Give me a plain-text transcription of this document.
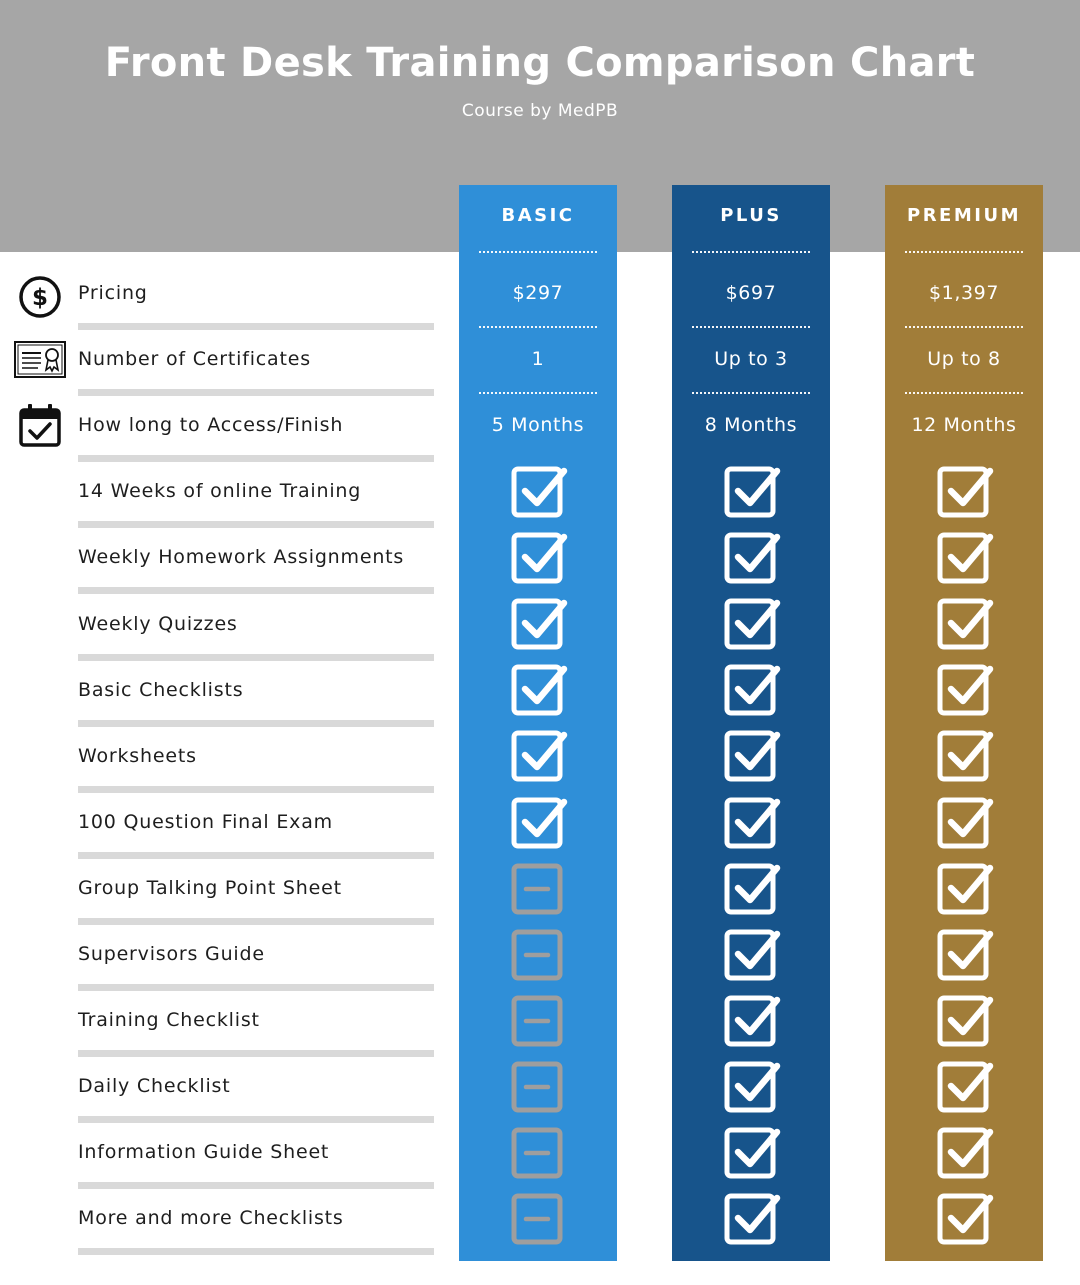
Front Desk Training Comparison Chart
Course by MedPB
BASIC
$297
1
5 Months
PLUS
$697
Up to 3
8 Months
PREMIUM
$1,397
Up to 8
12 Months
Pricing
$
Number of Certificates
How long to Access/Finish
14 Weeks of online Training
Weekly Homework Assignments
Weekly Quizzes
Basic Checklists
Worksheets
100 Question Final Exam
Group Talking Point Sheet
Supervisors Guide
Training Checklist
Daily Checklist
Information Guide Sheet
More and more Checklists
